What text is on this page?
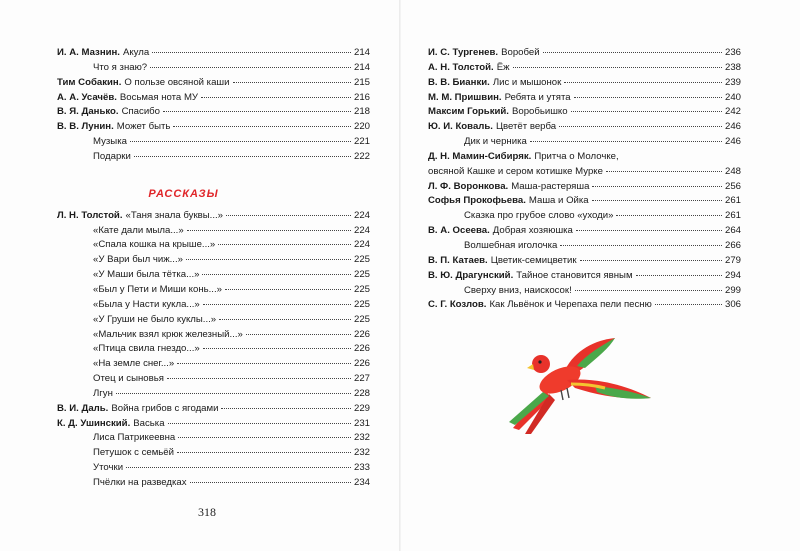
И. А. Мазнин. Акула	214
Что я знаю?	214
Тим Собакин. О пользе овсяной каши	215
А. А. Усачёв. Восьмая нота МУ	216
В. Я. Данько. Спасибо	218
В. В. Лунин. Может быть	220
Музыка	221
Подарки	222
РАССКАЗЫ
Л. Н. Толстой. «Таня знала буквы...»	224
«Кате дали мыла...»	224
«Спала кошка на крыше...»	224
«У Вари был чиж...»	225
«У Маши была тётка...»	225
«Был у Пети и Миши конь...»	225
«Была у Насти кукла...»	225
«У Груши не было куклы...»	225
«Мальчик взял крюк железный...»	226
«Птица свила гнездо...»	226
«На земле снег...»	226
Отец и сыновья	227
Лгун	228
В. И. Даль. Война грибов с ягодами	229
К. Д. Ушинский. Васька	231
Лиса Патрикеевна	232
Петушок с семьёй	232
Уточки	233
Пчёлки на разведках	234
И. С. Тургенев. Воробей	236
А. Н. Толстой. Ёж	238
В. В. Бианки. Лис и мышонок	239
М. М. Пришвин. Ребята и утята	240
Максим Горький. Воробьишко	242
Ю. И. Коваль. Цветёт верба	246
Дик и черника	246
Д. Н. Мамин-Сибиряк. Притча о Молочке,
овсяной Кашке и сером котишке Мурке	248
Л. Ф. Воронкова. Маша-растеряша	256
Софья Прокофьева. Маша и Ойка	261
Сказка про грубое слово «уходи»	261
В. А. Осеева. Добрая хозяюшка	264
Волшебная иголочка	266
В. П. Катаев. Цветик-семицветик	279
В. Ю. Драгунский. Тайное становится явным	294
Сверху вниз, наискосок!	299
С. Г. Козлов. Как Львёнок и Черепаха пели песню	306
318
